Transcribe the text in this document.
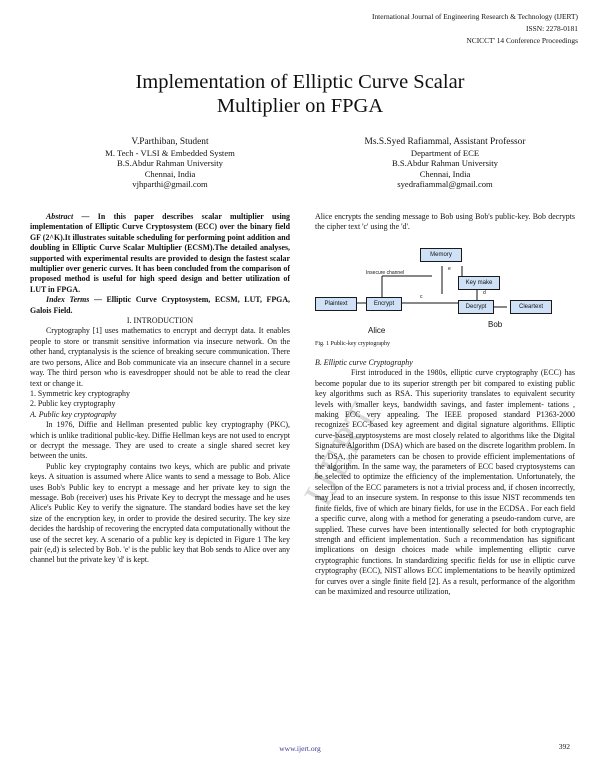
International Journal of Engineering Research & Technology (IJERT)
ISSN: 2278-0181
NCICCT' 14 Conference Proceedings
Implementation of Elliptic Curve Scalar
Multiplier on FPGA
V.Parthiban, Student
M. Tech - VLSI & Embedded System
B.S.Abdur Rahman University
Chennai, India
vjhparthi@gmail.com
Ms.S.Syed Rafiammal, Assistant Professor
Department of ECE
B.S.Abdur Rahman University
Chennai, India
syedrafiammal@gmail.com
IJERT

Abstract — In this paper describes scalar multiplier using implementation of Elliptic Curve Cryptosystem (ECC) over the binary field GF (2^K).It illustrates suitable scheduling for performing point addition and doubling in Elliptic Curve Scalar Multiplier (ECSM).The detailed analyses, supported with experimental results are provided to design the fastest scalar multiplier over generic curves. It has been concluded from the comparison of proposed method is useful for high speed design and better utilization of LUT in FPGA.

Index Terms — Elliptic Curve Cryptosystem, ECSM, LUT, FPGA, Galois Field.

I. INTRODUCTION

Cryptography [1] uses mathematics to encrypt and decrypt data. It enables people to store or transmit sensitive information via insecure network. On the other hand, cryptanalysis is the science of breaking secure communication. There are two persons, Alice and Bob communicate via an insecure channel in a secure way. The third person who is eavesdropper should not be able to read the clear text or change it.

1. Symmetric key cryptography

2. Public key cryptography

A. Public key cryptography

In 1976, Diffie and Hellman presented public key cryptography (PKC), which is unlike traditional public-key. Diffie Hellman keys are not used to encrypt or decrypt the message. They are used to create a single shared secret key between the units.

Public key cryptography contains two keys, which are public and private keys. A situation is assumed where Alice wants to send a message to Bob. Alice uses Bob's Public key to encrypt a message and her private key to sign the message. Bob (receiver) uses his Private Key to decrypt the message and he uses Alice's Public Key to verify the signature. The standard bodies have set the key size of the encryption key, in order to provide the desired security. The key size decides the hardship of recovering the encrypted data computationally without the use of the secret key. A scenario of a public key is depicted in Figure 1 The key pair (e,d) is selected by Bob. 'e' is the public key that Bob sends to Alice over any channel but the private key 'd' is kept.

Alice encrypts the sending message to Bob using Bob's public-key. Bob decrypts the cipher text 'c' using the 'd'.

Memory
Plaintext	Encrypt
Key make
Decrypt	Cleartext
Insecure channel
e
d
c
Alice
Bob
Fig. 1 Public-key cryptography

B. Elliptic curve Cryptography

First introduced in the 1980s, elliptic curve cryptography (ECC) has become popular due to its superior strength per bit compared to existing public key algorithms such as RSA. This superiority translates to equivalent security levels with smaller keys, bandwidth savings, and faster implement- tations , making ECC very appealing. The IEEE proposed standard P1363-2000 recognizes ECC-based key agreement and digital signature algorithms. Elliptic curve-based cryptosystems are most closely related to algorithms like the Digital Signature Algorithm (DSA) which are based on the discrete logarithm problem. In the DSA, the parameters can be chosen to provide efficient implementations of the algorithm. In the same way, the parameters of ECC based cryptosystems can be selected to optimize the efficiency of the implementation. Unfortunately, the selection of the ECC parameters is not a trivial process and, if chosen incorrectly, may lead to an insecure system. In response to this issue NIST recommends ten finite fields, five of which are binary fields, for use in the ECDSA . For each field a specific curve, along with a method for generating a pseudo-random curve, are supplied. These curves have been intentionally selected for both cryptographic strength and efficient implementation. Such a recommendation has significant implications on design choices made while implementing elliptic curve cryptographic functions. In standardizing specific fields for use in elliptic curve cryptography (ECC), NIST allows ECC implementations to be heavily optimized for curves over a single finite field [2]. As a result, performance of the algorithm can be maximized and resource utilization,

www.ijert.org	392
